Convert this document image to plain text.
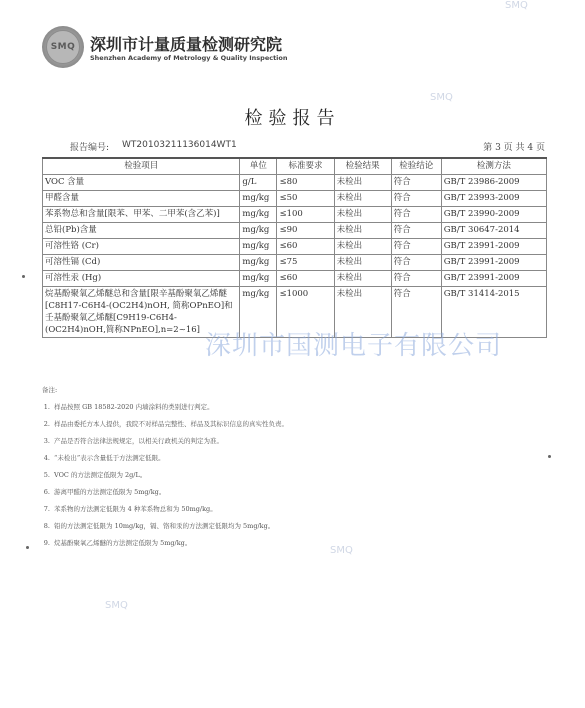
SMQ 深圳市计量质量检测研究院
Shenzhen Academy of Metrology & Quality Inspection
SMQ
SMQ
SMQ
SMQ
检验报告
报告编号: WT20103211136014WT1	第 3 页 共 4 页
检验项目	单位	标准要求	检验结果	检验结论	检测方法
VOC 含量	g/L	≤80	未检出	符合	GB/T 23986-2009
甲醛含量	mg/kg	≤50	未检出	符合	GB/T 23993-2009
苯系物总和含量[限苯、甲苯、二甲苯(含乙苯)]	mg/kg	≤100	未检出	符合	GB/T 23990-2009
总铅(Pb)含量	mg/kg	≤90	未检出	符合	GB/T 30647-2014
可溶性铬 (Cr)	mg/kg	≤60	未检出	符合	GB/T 23991-2009
可溶性镉 (Cd)	mg/kg	≤75	未检出	符合	GB/T 23991-2009
可溶性汞 (Hg)	mg/kg	≤60	未检出	符合	GB/T 23991-2009
烷基酚聚氧乙烯醚总和含量[限辛基酚聚氧乙烯醚[C8H17-C6H4-(OC2H4)nOH, 简称OPnEO]和壬基酚聚氧乙烯醚[C9H19-C6H4-(OC2H4)nOH,简称NPnEO],n=2~16]	mg/kg	≤1000	未检出	符合	GB/T 31414-2015
深圳市国测电子有限公司
备注:
1. 样品按照 GB 18582-2020 内墙涂料的类别进行判定。
2. 样品由委托方本人提供，我院不对样品完整性、样品及其标识信息的真实性负责。
3. 产品是否符合法律法规规定，以相关行政机关的判定为准。
4. “未检出”表示含量低于方法测定低限。
5. VOC 的方法测定低限为 2g/L。
6. 游离甲醛的方法测定低限为 5mg/kg。
7. 苯系物的方法测定低限为 4 种苯系物总和为 50mg/kg。
8. 铅的方法测定低限为 10mg/kg，镉、铬和汞的方法测定低限均为 5mg/kg。
9. 烷基酚聚氧乙烯醚的方法测定低限为 5mg/kg。
